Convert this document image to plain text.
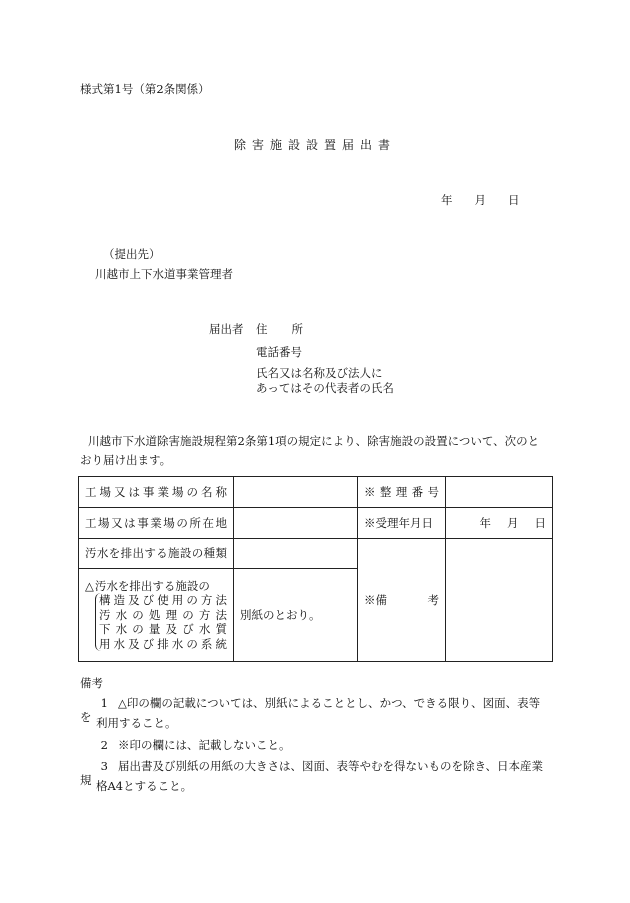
様式第1号（第2条関係）
除害施設設置届出書
年 月 日
（提出先）
川越市上下水道事業管理者
届出者 住 所
電話番号
氏名又は名称及び法人に
あってはその代表者の氏名
川越市下水道除害施設規程第2条第1項の規定により、除害施設の設置について、次のと
おり届け出ます。
工場又は事業場の名称		※整理番号	
工場又は事業場の所在地		※受理年月日	年 月 日
汚水を排出する施設の種類		※備 考	

△汚水を排出する施設の
構造及び使用の方法
汚水の処理の方法
下水の量及び水質
用水及び排水の系統	別紙のとおり。		
備考
1 △印の欄の記載については、別紙によることとし、かつ、できる限り、図面、表等を 利用すること。
2 ※印の欄には、記載しないこと。
3 届出書及び別紙の用紙の大きさは、図面、表等やむを得ないものを除き、日本産業規 格A4とすること。
